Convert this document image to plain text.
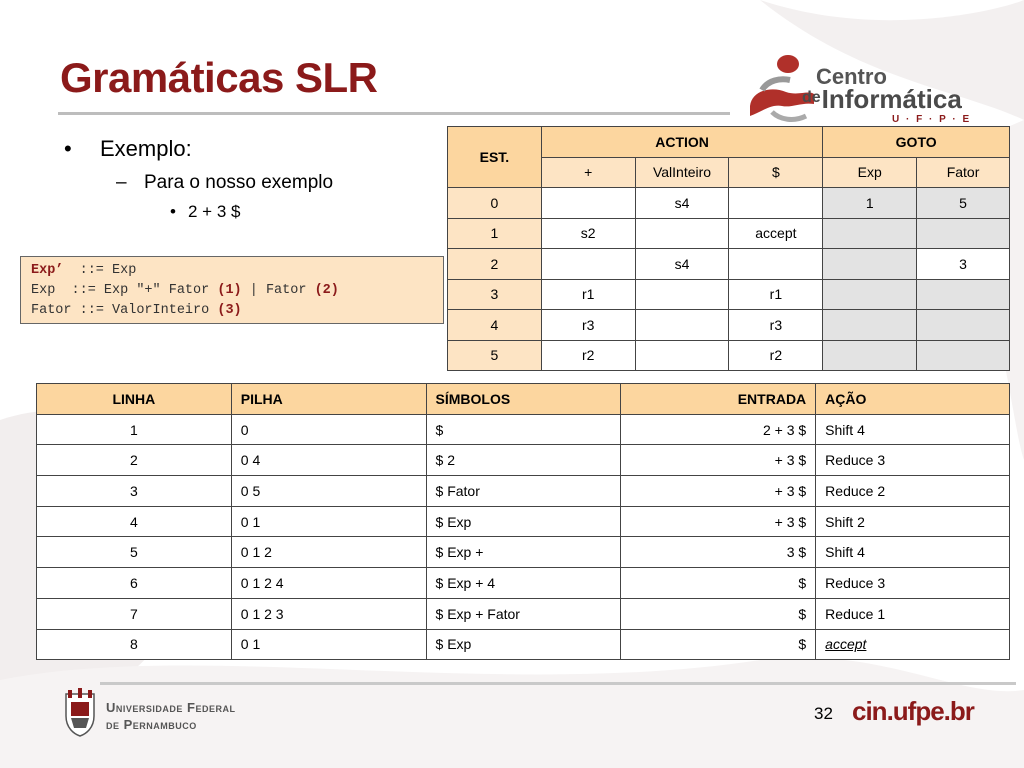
Gramáticas SLR	Centro
$^{de}$Informática
U · F · P · E
• Exemplo:
– Para o nosso exemplo
• 2 + 3 $
Exp’ ::= Exp
Exp  ::= Exp "+" Fator (1) | Fator (2)
Fator ::= ValorInteiro (3)
EST.	ACTION			GOTO	
	+	ValInteiro	$	Exp	Fator
0		s4		1	5
1	s2		accept		
2		s4			3
3	r1		r1		
4	r3		r3		
5	r2		r2		
LINHA	PILHA	SÍMBOLOS	ENTRADA	AÇÃO
1	0	$	2 + 3 $	Shift 4
2	0 4	$ 2	+ 3 $	Reduce 3
3	0 5	$ Fator	+ 3 $	Reduce 2
4	0 1	$ Exp	+ 3 $	Shift 2
5	0 1 2	$ Exp +	3 $	Shift 4
6	0 1 2 4	$ Exp + 4	$	Reduce 3
7	0 1 2 3	$ Exp + Fator	$	Reduce 1
8	0 1	$ Exp	$	accept
Universidade Federal
de Pernambuco
32 cin.ufpe.br
